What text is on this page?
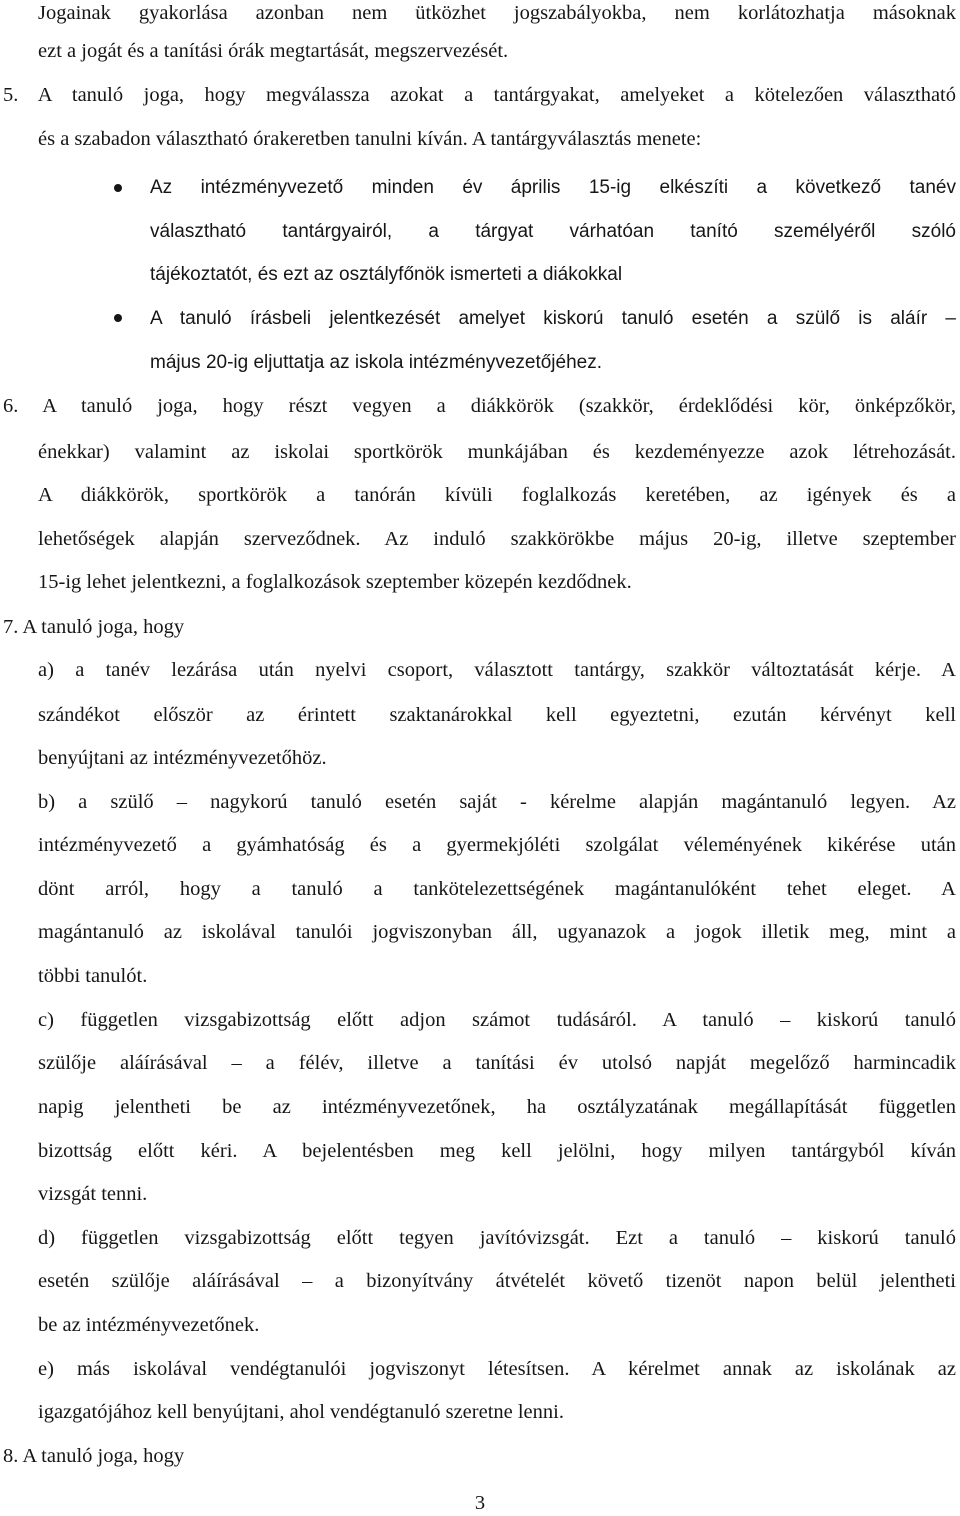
Jogainak gyakorlása azonban nem ütközhet jogszabályokba, nem korlátozhatja másoknak
ezt a jogát és a tanítási órák megtartását, megszervezését.
5. A tanuló joga, hogy megválassza azokat a tantárgyakat, amelyeket a kötelezően választható
és a szabadon választható órakeretben tanulni kíván. A tantárgyválasztás menete:
Az intézményvezető minden év április 15-ig elkészíti a következő tanév
választható tantárgyairól, a tárgyat várhatóan tanító személyéről szóló
tájékoztatót, és ezt az osztályfőnök ismerteti a diákokkal
A tanuló írásbeli jelentkezését amelyet kiskorú tanuló esetén a szülő is aláír –
május 20-ig eljuttatja az iskola intézményvezetőjéhez.
6. A tanuló joga, hogy részt vegyen a diákkörök (szakkör, érdeklődési kör, önképzőkör,
énekkar) valamint az iskolai sportkörök munkájában és kezdeményezze azok létrehozását.
A diákkörök, sportkörök a tanórán kívüli foglalkozás keretében, az igények és a
lehetőségek alapján szerveződnek. Az induló szakkörökbe május 20-ig, illetve szeptember
15-ig lehet jelentkezni, a foglalkozások szeptember közepén kezdődnek.
7. A tanuló joga, hogy
a) a tanév lezárása után nyelvi csoport, választott tantárgy, szakkör változtatását kérje. A
szándékot először az érintett szaktanárokkal kell egyeztetni, ezután kérvényt kell
benyújtani az intézményvezetőhöz.
b) a szülő – nagykorú tanuló esetén saját - kérelme alapján magántanuló legyen. Az
intézményvezető a gyámhatóság és a gyermekjóléti szolgálat véleményének kikérése után
dönt arról, hogy a tanuló a tankötelezettségének magántanulóként tehet eleget. A
magántanuló az iskolával tanulói jogviszonyban áll, ugyanazok a jogok illetik meg, mint a
többi tanulót.
c) független vizsgabizottság előtt adjon számot tudásáról. A tanuló – kiskorú tanuló
szülője aláírásával – a félév, illetve a tanítási év utolsó napját megelőző harmincadik
napig jelentheti be az intézményvezetőnek, ha osztályzatának megállapítását független
bizottság előtt kéri. A bejelentésben meg kell jelölni, hogy milyen tantárgyból kíván
vizsgát tenni.
d) független vizsgabizottság előtt tegyen javítóvizsgát. Ezt a tanuló – kiskorú tanuló
esetén szülője aláírásával – a bizonyítvány átvételét követő tizenöt napon belül jelentheti
be az intézményvezetőnek.
e) más iskolával vendégtanulói jogviszonyt létesítsen. A kérelmet annak az iskolának az
igazgatójához kell benyújtani, ahol vendégtanuló szeretne lenni.
8. A tanuló joga, hogy
3
